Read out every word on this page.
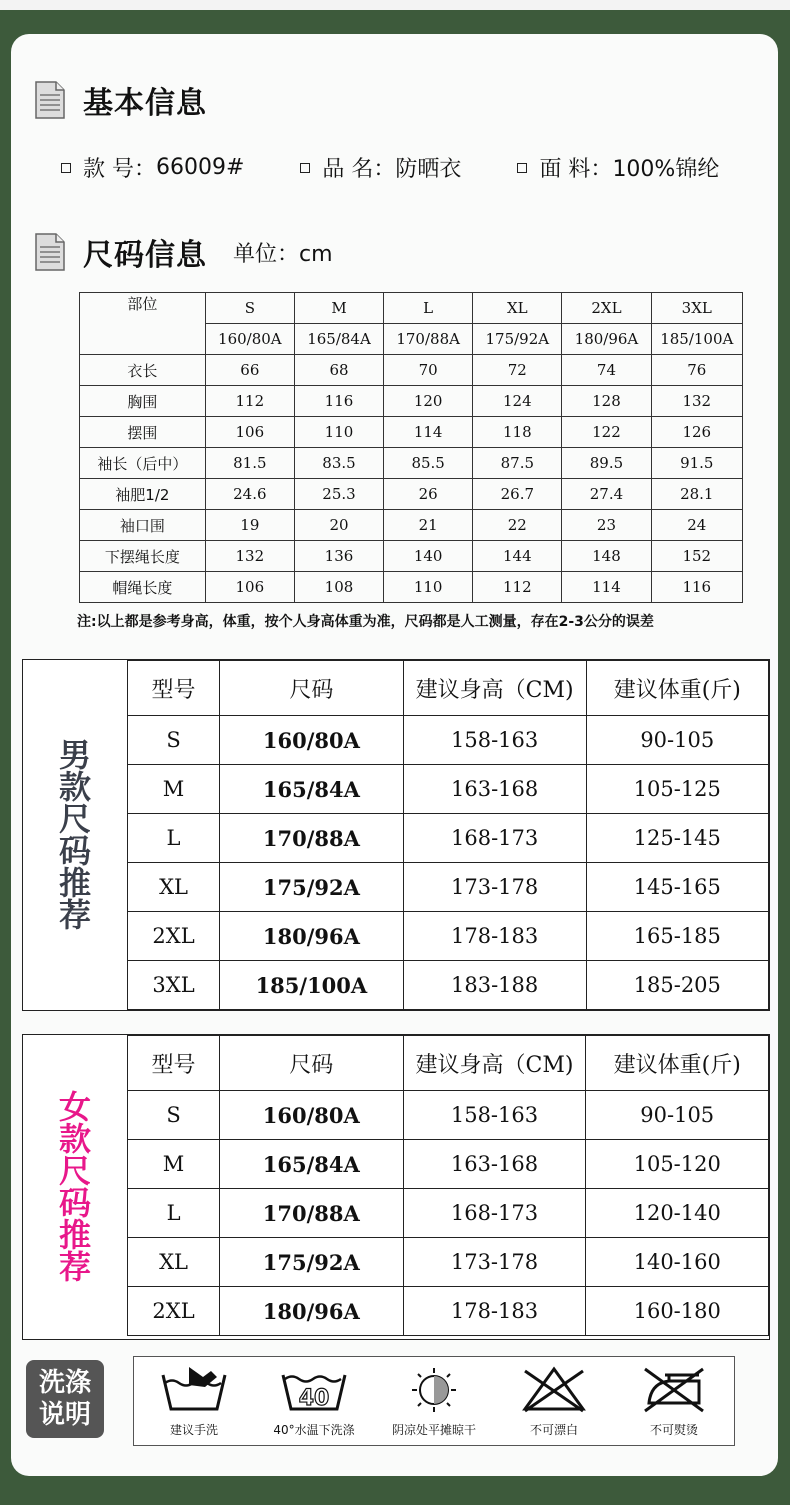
基本信息
款 号： 66009#	品 名： 防晒衣	面 料： 100%锦纶
尺码信息 单位：cm
部位	S	M	L	XL	2XL	3XL
	160/80A	165/84A	170/88A	175/92A	180/96A	185/100A
衣长	66	68	70	72	74	76
胸围	112	116	120	124	128	132
摆围	106	110	114	118	122	126
袖长（后中）	81.5	83.5	85.5	87.5	89.5	91.5
袖肥1/2	24.6	25.3	26	26.7	27.4	28.1
袖口围	19	20	21	22	23	24
下摆绳长度	132	136	140	144	148	152
帽绳长度	106	108	110	112	114	116
注:以上都是参考身高，体重，按个人身高体重为准，尺码都是人工测量，存在2-3公分的误差
男
款
尺
码
推
荐
型号	尺码	建议身高（CM)	建议体重(斤)
S	160/80A	158-163	90-105
M	165/84A	163-168	105-125
L	170/88A	168-173	125-145
XL	175/92A	173-178	145-165
2XL	180/96A	178-183	165-185
3XL	185/100A	183-188	185-205
女
款
尺
码
推
荐
型号	尺码	建议身高（CM)	建议体重(斤)
S	160/80A	158-163	90-105
M	165/84A	163-168	105-120
L	170/88A	168-173	120-140
XL	175/92A	173-178	140-160
2XL	180/96A	178-183	160-180
洗涤
说明	建议手洗
40
40°水温下洗涤	阴凉处平摊晾干	不可漂白	不可熨烫
